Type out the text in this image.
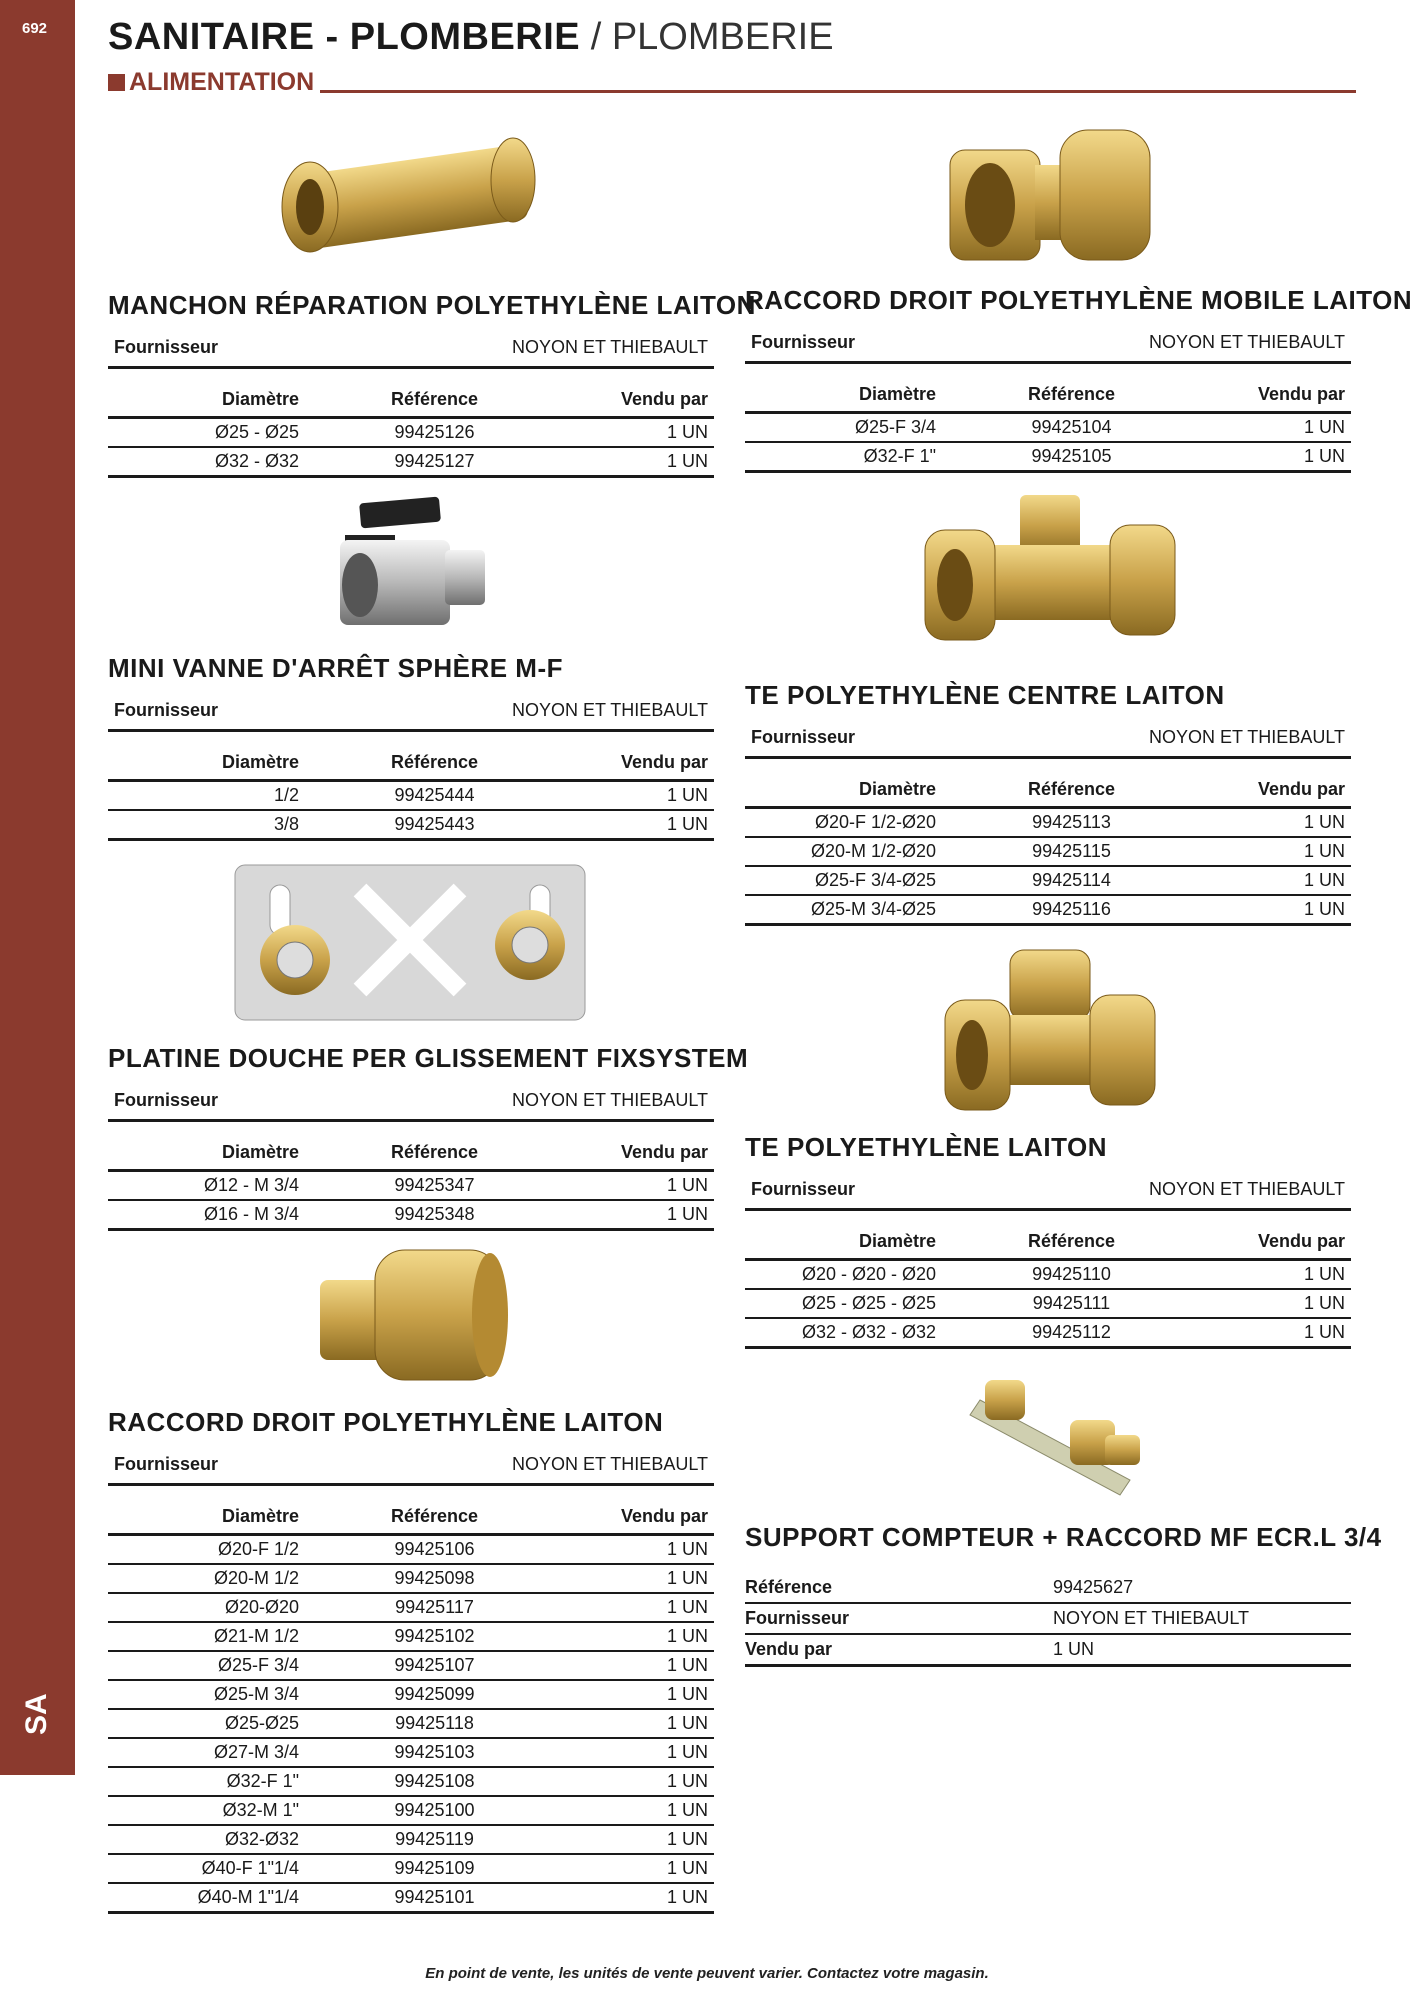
692
SA
SANITAIRE - PLOMBERIE / PLOMBERIE
ALIMENTATION
MANCHON RÉPARATION POLYETHYLÈNE LAITON
Fournisseur	NOYON ET THIEBAULT
Diamètre	Référence	Vendu par
Ø25 - Ø25	99425126	1 UN
Ø32 - Ø32	99425127	1 UN
MINI VANNE D'ARRÊT SPHÈRE M-F
Fournisseur	NOYON ET THIEBAULT
Diamètre	Référence	Vendu par
1/2	99425444	1 UN
3/8	99425443	1 UN
PLATINE DOUCHE PER GLISSEMENT FIXSYSTEM
Fournisseur	NOYON ET THIEBAULT
Diamètre	Référence	Vendu par
Ø12 - M 3/4	99425347	1 UN
Ø16 - M 3/4	99425348	1 UN
RACCORD DROIT POLYETHYLÈNE LAITON
Fournisseur	NOYON ET THIEBAULT
Diamètre	Référence	Vendu par
Ø20-F 1/2	99425106	1 UN
Ø20-M 1/2	99425098	1 UN
Ø20-Ø20	99425117	1 UN
Ø21-M 1/2	99425102	1 UN
Ø25-F 3/4	99425107	1 UN
Ø25-M 3/4	99425099	1 UN
Ø25-Ø25	99425118	1 UN
Ø27-M 3/4	99425103	1 UN
Ø32-F 1"	99425108	1 UN
Ø32-M 1"	99425100	1 UN
Ø32-Ø32	99425119	1 UN
Ø40-F 1"1/4	99425109	1 UN
Ø40-M 1"1/4	99425101	1 UN
RACCORD DROIT POLYETHYLÈNE MOBILE LAITON
Fournisseur	NOYON ET THIEBAULT
Diamètre	Référence	Vendu par
Ø25-F 3/4	99425104	1 UN
Ø32-F 1"	99425105	1 UN
TE POLYETHYLÈNE CENTRE LAITON
Fournisseur	NOYON ET THIEBAULT
Diamètre	Référence	Vendu par
Ø20-F 1/2-Ø20	99425113	1 UN
Ø20-M 1/2-Ø20	99425115	1 UN
Ø25-F 3/4-Ø25	99425114	1 UN
Ø25-M 3/4-Ø25	99425116	1 UN
TE POLYETHYLÈNE LAITON
Fournisseur	NOYON ET THIEBAULT
Diamètre	Référence	Vendu par
Ø20 - Ø20 - Ø20	99425110	1 UN
Ø25 - Ø25 - Ø25	99425111	1 UN
Ø32 - Ø32 - Ø32	99425112	1 UN
SUPPORT COMPTEUR + RACCORD MF ECR.L 3/4
Référence	99425627
Fournisseur	NOYON ET THIEBAULT
Vendu par	1 UN
En point de vente, les unités de vente peuvent varier. Contactez votre magasin.
